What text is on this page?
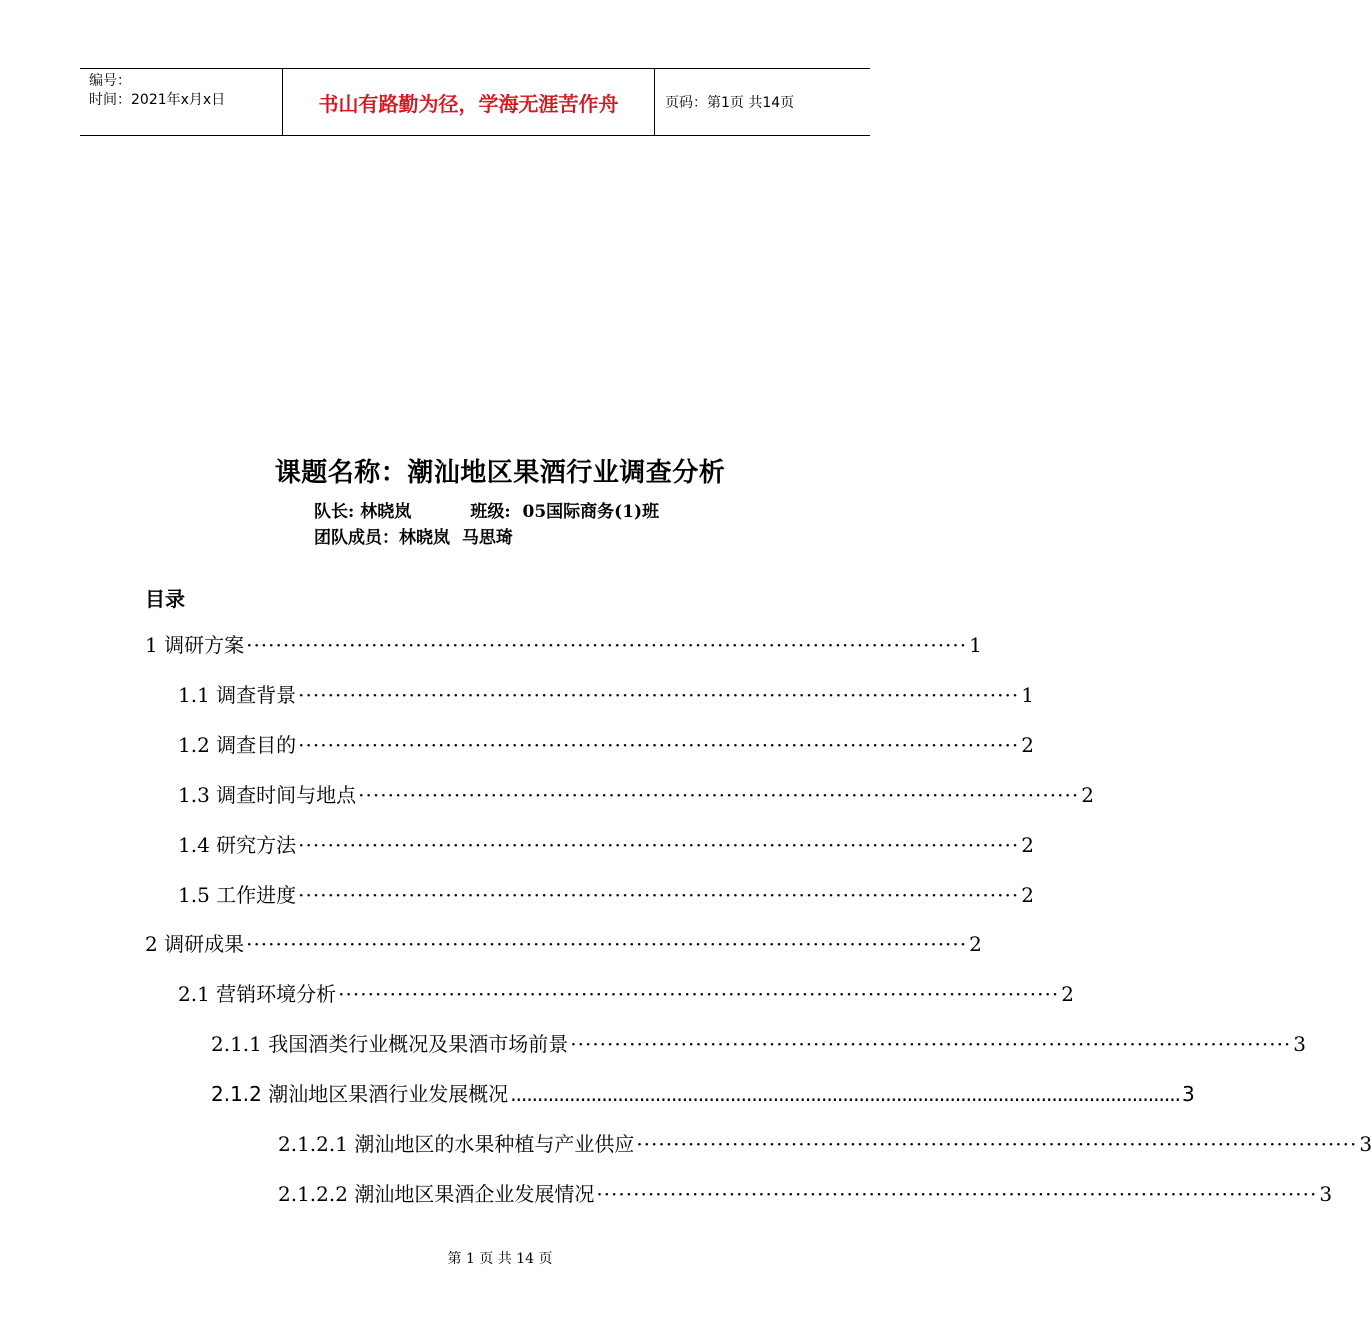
编号：
时间：2021年x月x日	书山有路勤为径，学海无涯苦作舟	页码：第1页 共14页
课题名称：潮汕地区果酒行业调查分析
队长: 林晓岚          班级:  05国际商务(1)班
团队成员：林晓岚  马思琦
目录
1 调研方案 ·································································································· 1
1.1 调查背景 ·································································································· 1
1.2 调查目的 ·································································································· 2
1.3 调查时间与地点 ·································································································· 2
1.4 研究方法 ·································································································· 2
1.5 工作进度 ·································································································· 2
2 调研成果 ·································································································· 2
2.1 营销环境分析 ·································································································· 2
2.1.1 我国酒类行业概况及果酒市场前景 ·································································································· 3
2.1.2 潮汕地区果酒行业发展概况 ............................................................................................................................. 3
2.1.2.1 潮汕地区的水果种植与产业供应 ·································································································· 3
2.1.2.2 潮汕地区果酒企业发展情况 ·································································································· 3
第 1 页 共 14 页
